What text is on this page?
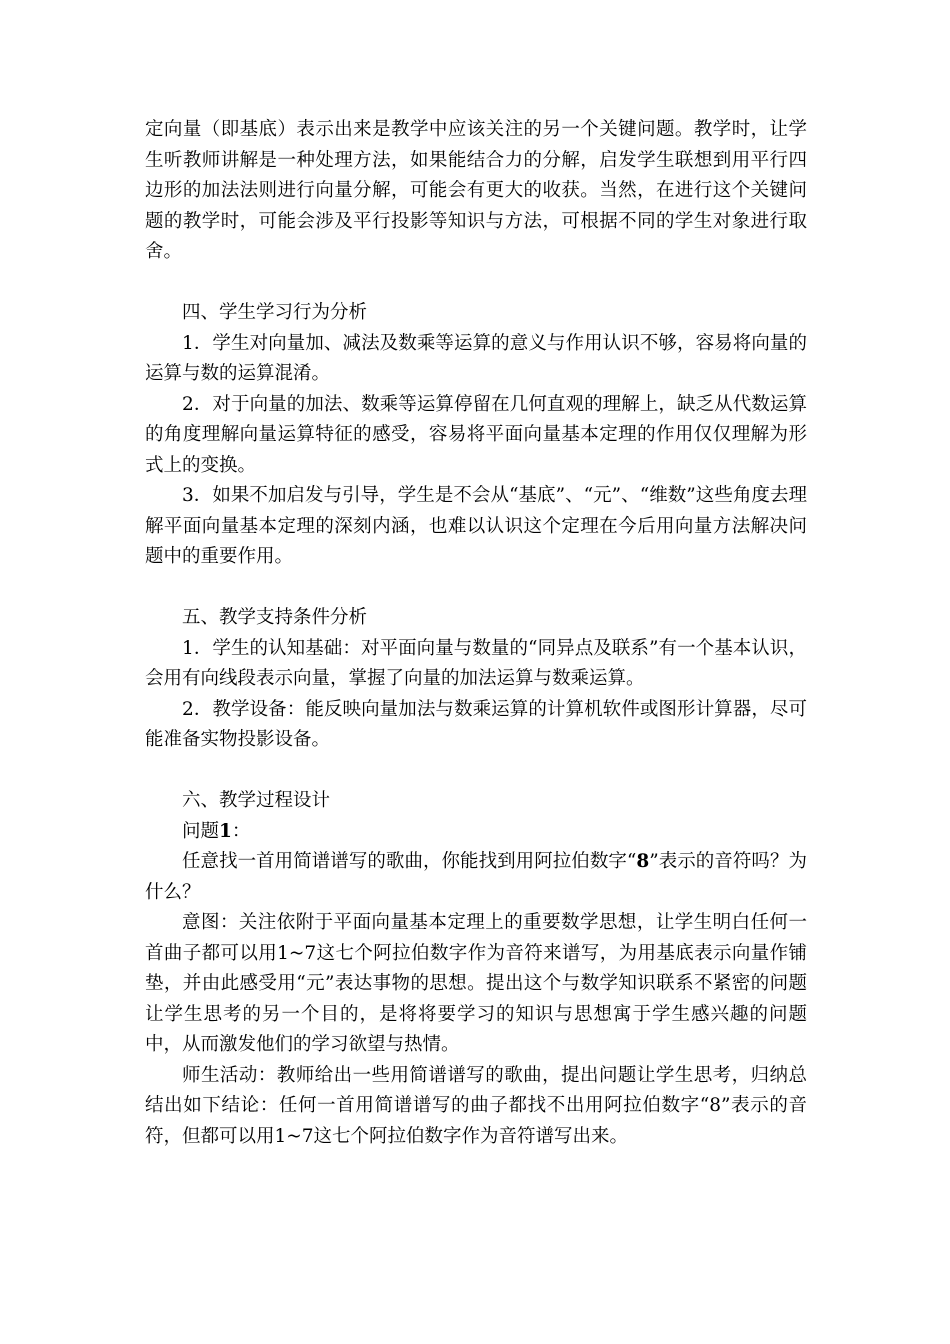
定向量（即基底）表示出来是教学中应该关注的另一个关键问题。教学时，让学生听教师讲解是一种处理方法，如果能结合力的分解，启发学生联想到用平行四边形的加法法则进行向量分解，可能会有更大的收获。当然，在进行这个关键问题的教学时，可能会涉及平行投影等知识与方法，可根据不同的学生对象进行取舍。

四、学生学习行为分析

1．学生对向量加、减法及数乘等运算的意义与作用认识不够，容易将向量的运算与数的运算混淆。

2．对于向量的加法、数乘等运算停留在几何直观的理解上，缺乏从代数运算的角度理解向量运算特征的感受，容易将平面向量基本定理的作用仅仅理解为形式上的变换。

3．如果不加启发与引导，学生是不会从“基底”、“元”、“维数”这些角度去理解平面向量基本定理的深刻内涵，也难以认识这个定理在今后用向量方法解决问题中的重要作用。

五、教学支持条件分析

1．学生的认知基础：对平面向量与数量的“同异点及联系”有一个基本认识，会用有向线段表示向量，掌握了向量的加法运算与数乘运算。

2．教学设备：能反映向量加法与数乘运算的计算机软件或图形计算器，尽可能准备实物投影设备。

六、教学过程设计

问题1：

任意找一首用简谱谱写的歌曲，你能找到用阿拉伯数字“8”表示的音符吗？为什么？

意图：关注依附于平面向量基本定理上的重要数学思想，让学生明白任何一首曲子都可以用1~7这七个阿拉伯数字作为音符来谱写，为用基底表示向量作铺垫，并由此感受用“元”表达事物的思想。提出这个与数学知识联系不紧密的问题让学生思考的另一个目的，是将将要学习的知识与思想寓于学生感兴趣的问题中，从而激发他们的学习欲望与热情。

师生活动：教师给出一些用简谱谱写的歌曲，提出问题让学生思考，归纳总结出如下结论：任何一首用简谱谱写的曲子都找不出用阿拉伯数字“8”表示的音符，但都可以用1~7这七个阿拉伯数字作为音符谱写出来。
